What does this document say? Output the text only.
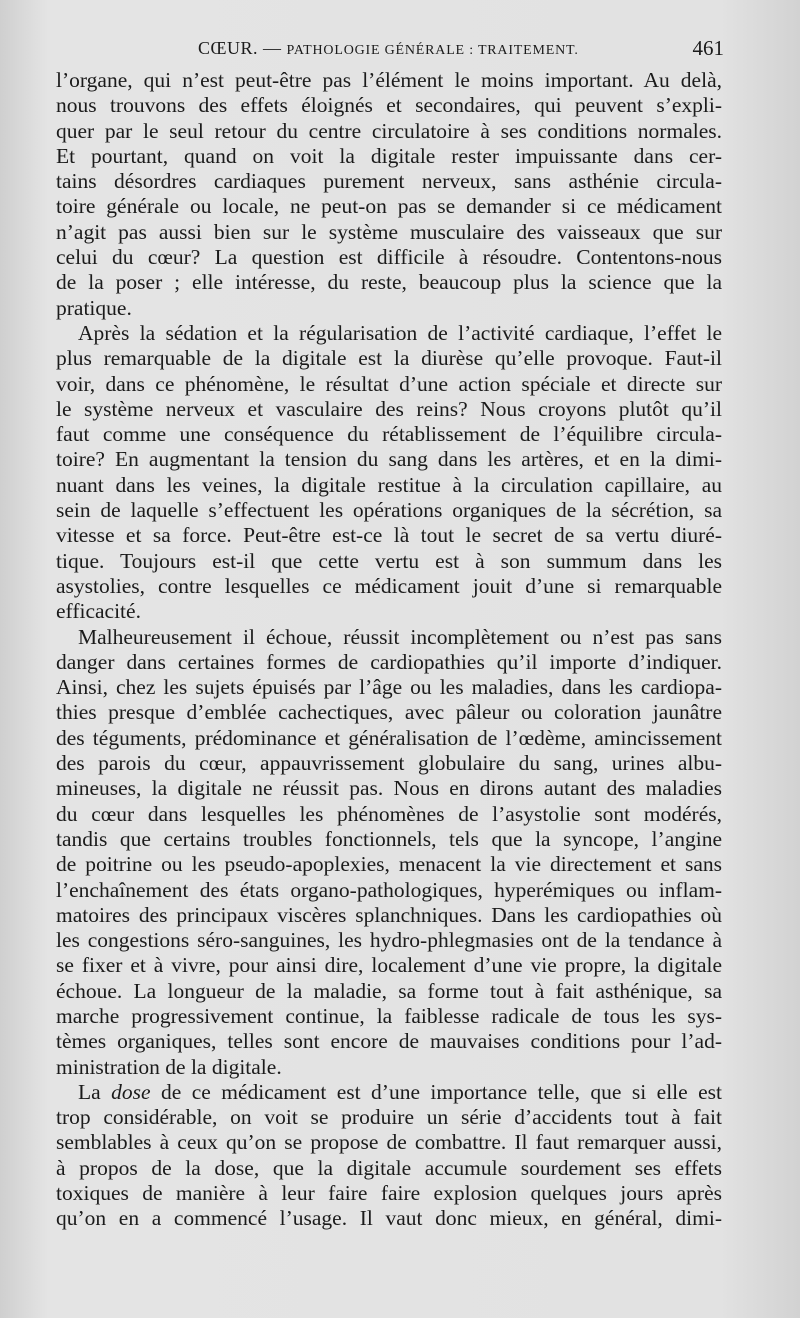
CŒUR. — PATHOLOGIE GÉNÉRALE : TRAITEMENT.	461
l’organe, qui n’est peut-être pas l’élément le moins important. Au delà,
nous trouvons des effets éloignés et secondaires, qui peuvent s’expli-
quer par le seul retour du centre circulatoire à ses conditions normales.
Et pourtant, quand on voit la digitale rester impuissante dans cer-
tains désordres cardiaques purement nerveux, sans asthénie circula-
toire générale ou locale, ne peut-on pas se demander si ce médicament
n’agit pas aussi bien sur le système musculaire des vaisseaux que sur
celui du cœur? La question est difficile à résoudre. Contentons-nous
de la poser ; elle intéresse, du reste, beaucoup plus la science que la
pratique.
Après la sédation et la régularisation de l’activité cardiaque, l’effet le
plus remarquable de la digitale est la diurèse qu’elle provoque. Faut-il
voir, dans ce phénomène, le résultat d’une action spéciale et directe sur
le système nerveux et vasculaire des reins? Nous croyons plutôt qu’il
faut comme une conséquence du rétablissement de l’équilibre circula-
toire? En augmentant la tension du sang dans les artères, et en la dimi-
nuant dans les veines, la digitale restitue à la circulation capillaire, au
sein de laquelle s’effectuent les opérations organiques de la sécrétion, sa
vitesse et sa force. Peut-être est-ce là tout le secret de sa vertu diuré-
tique. Toujours est-il que cette vertu est à son summum dans les
asystolies, contre lesquelles ce médicament jouit d’une si remarquable
efficacité.
Malheureusement il échoue, réussit incomplètement ou n’est pas sans
danger dans certaines formes de cardiopathies qu’il importe d’indiquer.
Ainsi, chez les sujets épuisés par l’âge ou les maladies, dans les cardiopa-
thies presque d’emblée cachectiques, avec pâleur ou coloration jaunâtre
des téguments, prédominance et généralisation de l’œdème, amincissement
des parois du cœur, appauvrissement globulaire du sang, urines albu-
mineuses, la digitale ne réussit pas. Nous en dirons autant des maladies
du cœur dans lesquelles les phénomènes de l’asystolie sont modérés,
tandis que certains troubles fonctionnels, tels que la syncope, l’angine
de poitrine ou les pseudo-apoplexies, menacent la vie directement et sans
l’enchaînement des états organo-pathologiques, hyperémiques ou inflam-
matoires des principaux viscères splanchniques. Dans les cardiopathies où
les congestions séro-sanguines, les hydro-phlegmasies ont de la tendance à
se fixer et à vivre, pour ainsi dire, localement d’une vie propre, la digitale
échoue. La longueur de la maladie, sa forme tout à fait asthénique, sa
marche progressivement continue, la faiblesse radicale de tous les sys-
tèmes organiques, telles sont encore de mauvaises conditions pour l’ad-
ministration de la digitale.
La dose de ce médicament est d’une importance telle, que si elle est
trop considérable, on voit se produire un série d’accidents tout à fait
semblables à ceux qu’on se propose de combattre. Il faut remarquer aussi,
à propos de la dose, que la digitale accumule sourdement ses effets
toxiques de manière à leur faire faire explosion quelques jours après
qu’on en a commencé l’usage. Il vaut donc mieux, en général, dimi-
